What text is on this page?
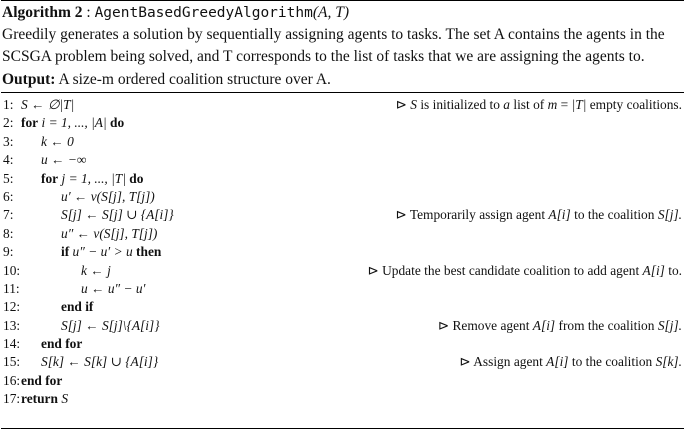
Algorithm 2 : AgentBasedGreedyAlgorithm(A, T)
Greedily generates a solution by sequentially assigning agents to tasks. The set A contains the agents in the SCSGA problem being solved, and T corresponds to the list of tasks that we are assigning the agents to.
Output: A size-m ordered coalition structure over A.
1: S ← ∅|T|	⊳ S is initialized to a list of m = |T| empty coalitions.
2: for i = 1, ..., |A| do
3: k ← 0
4: u ← −∞
5: for j = 1, ..., |T| do
6:	u′ ← v(S[j], T[j])
7:	S[j] ← S[j] ∪ {A[i]}	⊳ Temporarily assign agent A[i] to the coalition S[j].
8:	u″ ← v(S[j], T[j])
9:	if u″ − u′ > u then
10:	k ← j	⊳ Update the best candidate coalition to add agent A[i] to.
11:	u ← u″ − u′
12:	end if
13:	S[j] ← S[j]\{A[i]}	⊳ Remove agent A[i] from the coalition S[j].
14: end for
15: S[k] ← S[k] ∪ {A[i]}	⊳ Assign agent A[i] to the coalition S[k].
16: end for
17: return S
